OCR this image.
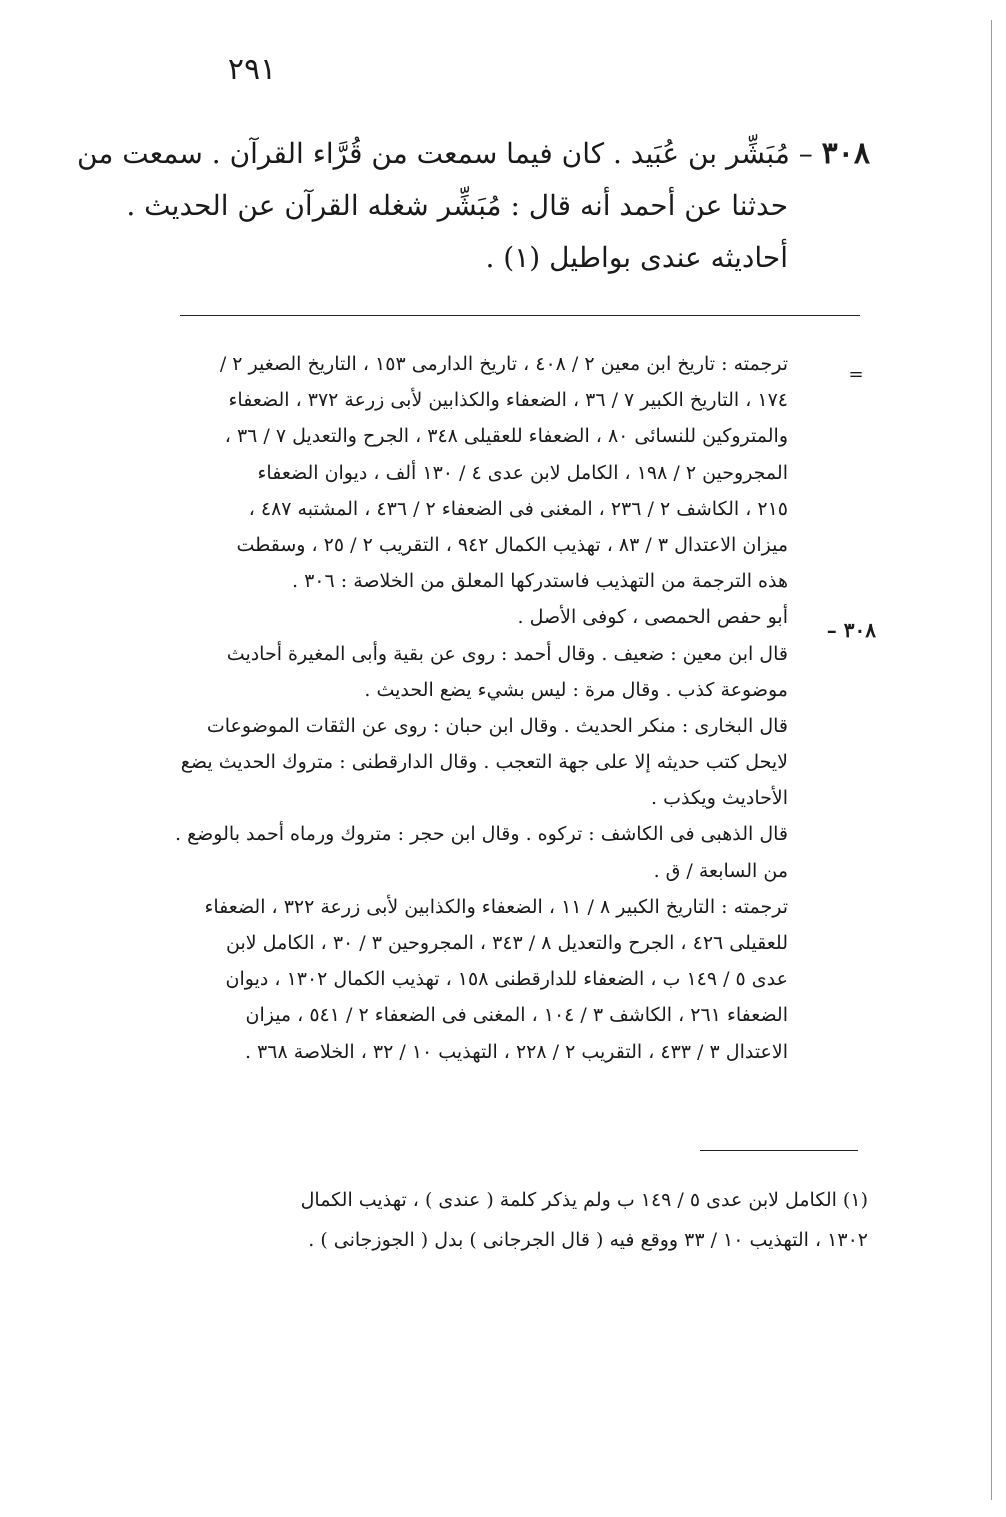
٢٩١
٣٠٨ – مُبَشِّر بن عُبَيد . كان فيما سمعت من قُرَّاء القرآن . سمعت من
حدثنا عن أحمد أنه قال : مُبَشِّر شغله القرآن عن الحديث .
أحاديثه عندى بواطيل (١) .
=
ترجمته : تاريخ ابن معين ٢ / ٤٠٨ ، تاريخ الدارمى ١٥٣ ، التاريخ الصغير ٢ /
١٧٤ ، التاريخ الكبير ٧ / ٣٦ ، الضعفاء والكذابين لأبى زرعة ٣٧٢ ، الضعفاء
والمتروكين للنسائى ٨٠ ، الضعفاء للعقيلى ٣٤٨ ، الجرح والتعديل ٧ / ٣٦ ،
المجروحين ٢ / ١٩٨ ، الكامل لابن عدى ٤ / ١٣٠ ألف ، ديوان الضعفاء
٢١٥ ، الكاشف ٢ / ٢٣٦ ، المغنى فى الضعفاء ٢ / ٤٣٦ ، المشتبه ٤٨٧ ،
ميزان الاعتدال ٣ / ٨٣ ، تهذيب الكمال ٩٤٢ ، التقريب ٢ / ٢٥ ، وسقطت
هذه الترجمة من التهذيب فاستدركها المعلق من الخلاصة : ٣٠٦ .
أبو حفص الحمصى ، كوفى الأصل .
قال ابن معين : ضعيف . وقال أحمد : روى عن بقية وأبى المغيرة أحاديث
موضوعة كذب . وقال مرة : ليس بشيء يضع الحديث .
قال البخارى : منكر الحديث . وقال ابن حبان : روى عن الثقات الموضوعات
لايحل كتب حديثه إلا على جهة التعجب . وقال الدارقطنى : متروك الحديث يضع
الأحاديث ويكذب .
قال الذهبى فى الكاشف : تركوه . وقال ابن حجر : متروك ورماه أحمد بالوضع .
من السابعة / ق .
ترجمته : التاريخ الكبير ٨ / ١١ ، الضعفاء والكذابين لأبى زرعة ٣٢٢ ، الضعفاء
للعقيلى ٤٢٦ ، الجرح والتعديل ٨ / ٣٤٣ ، المجروحين ٣ / ٣٠ ، الكامل لابن
عدى ٥ / ١٤٩ ب ، الضعفاء للدارقطنى ١٥٨ ، تهذيب الكمال ١٣٠٢ ، ديوان
الضعفاء ٢٦١ ، الكاشف ٣ / ١٠٤ ، المغنى فى الضعفاء ٢ / ٥٤١ ، ميزان
الاعتدال ٣ / ٤٣٣ ، التقريب ٢ / ٢٢٨ ، التهذيب ١٠ / ٣٢ ، الخلاصة ٣٦٨ .
٣٠٨ –
(١) الكامل لابن عدى ٥ / ١٤٩ ب ولم يذكر كلمة ( عندى ) ، تهذيب الكمال
١٣٠٢ ، التهذيب ١٠ / ٣٣ ووقع فيه ( قال الجرجانى ) بدل ( الجوزجانى ) .
